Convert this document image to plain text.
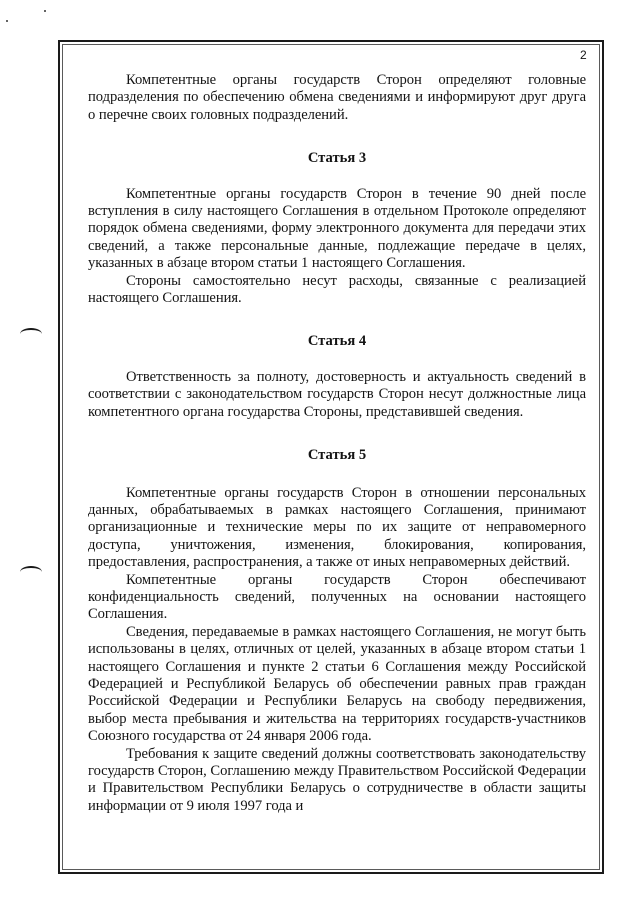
2

Компетентные органы государств Сторон определяют головные подразделения по обеспечению обмена сведениями и информируют друг друга о перечне своих головных подразделений.

Статья 3

Компетентные органы государств Сторон в течение 90 дней после вступления в силу настоящего Соглашения в отдельном Протоколе определяют порядок обмена сведениями, форму электронного документа для передачи этих сведений, а также персональные данные, подлежащие передаче в целях, указанных в абзаце втором статьи 1 настоящего Соглашения.

Стороны самостоятельно несут расходы, связанные с реализацией настоящего Соглашения.

Статья 4

Ответственность за полноту, достоверность и актуальность сведений в соответствии с законодательством государств Сторон несут должностные лица компетентного органа государства Стороны, представившей сведения.

Статья 5

Компетентные органы государств Сторон в отношении персональных данных, обрабатываемых в рамках настоящего Соглашения, принимают организационные и технические меры по их защите от неправомерного доступа, уничтожения, изменения, блокирования, копирования, предоставления, распространения, а также от иных неправомерных действий.

Компетентные органы государств Сторон обеспечивают конфиденциальность сведений, полученных на основании настоящего Соглашения.

Сведения, передаваемые в рамках настоящего Соглашения, не могут быть использованы в целях, отличных от целей, указанных в абзаце втором статьи 1 настоящего Соглашения и пункте 2 статьи 6 Соглашения между Российской Федерацией и Республикой Беларусь об обеспечении равных прав граждан Российской Федерации и Республики Беларусь на свободу передвижения, выбор места пребывания и жительства на территориях государств-участников Союзного государства от 24 января 2006 года.

Требования к защите сведений должны соответствовать законодательству государств Сторон, Соглашению между Правительством Российской Федерации и Правительством Республики Беларусь о сотрудничестве в области защиты информации от 9 июля 1997 года и
